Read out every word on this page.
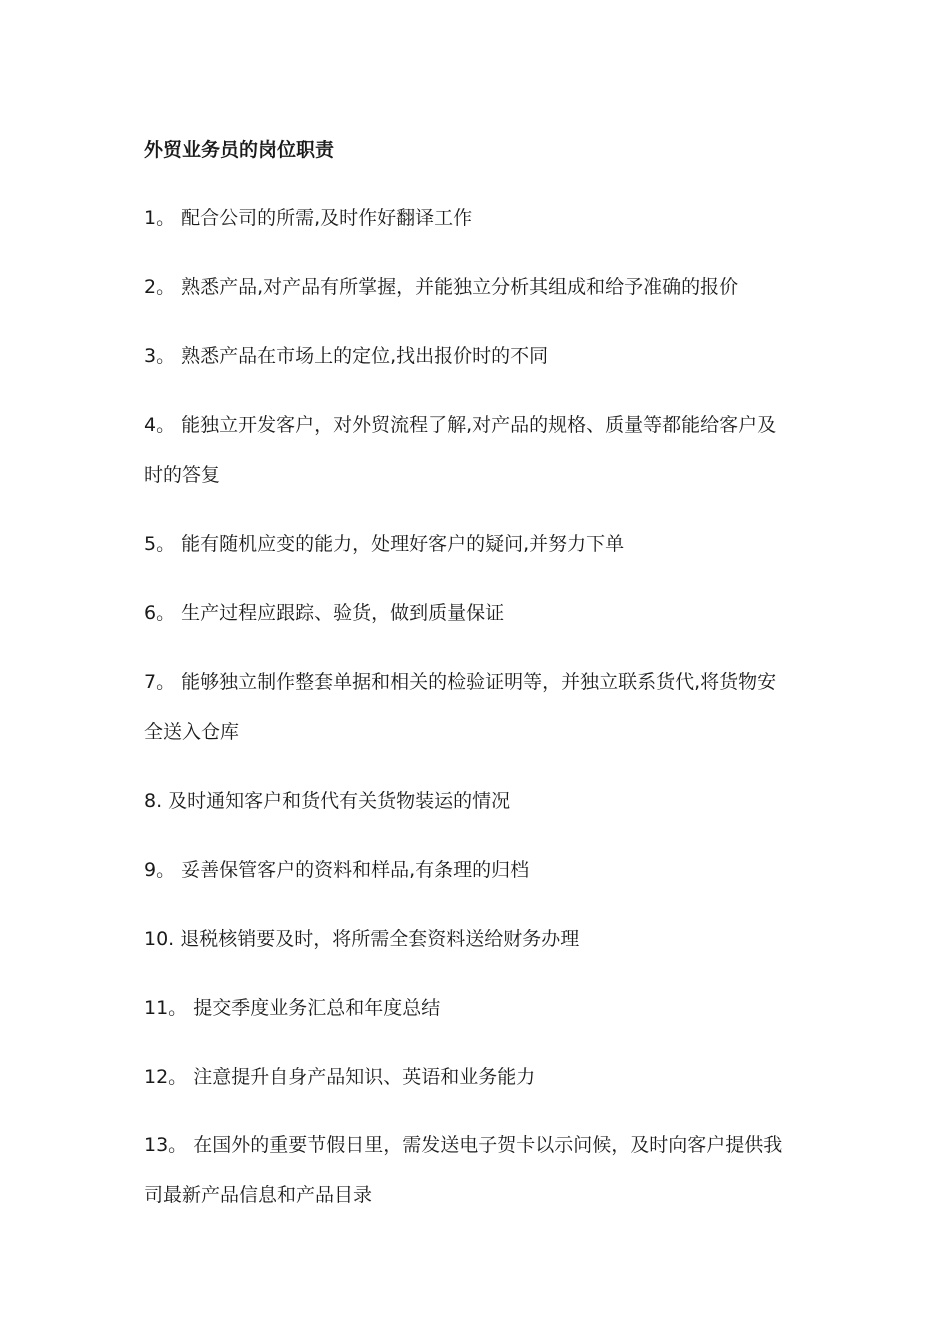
外贸业务员的岗位职责
1。 配合公司的所需,及时作好翻译工作
2。 熟悉产品,对产品有所掌握，并能独立分析其组成和给予准确的报价
3。 熟悉产品在市场上的定位,找出报价时的不同
4。 能独立开发客户，对外贸流程了解,对产品的规格、质量等都能给客户及
时的答复
5。 能有随机应变的能力，处理好客户的疑问,并努力下单
6。 生产过程应跟踪、验货，做到质量保证
7。 能够独立制作整套单据和相关的检验证明等，并独立联系货代,将货物安
全送入仓库
8. 及时通知客户和货代有关货物装运的情况
9。 妥善保管客户的资料和样品,有条理的归档
10. 退税核销要及时，将所需全套资料送给财务办理
11。 提交季度业务汇总和年度总结
12。 注意提升自身产品知识、英语和业务能力
13。 在国外的重要节假日里，需发送电子贺卡以示问候，及时向客户提供我
司最新产品信息和产品目录
